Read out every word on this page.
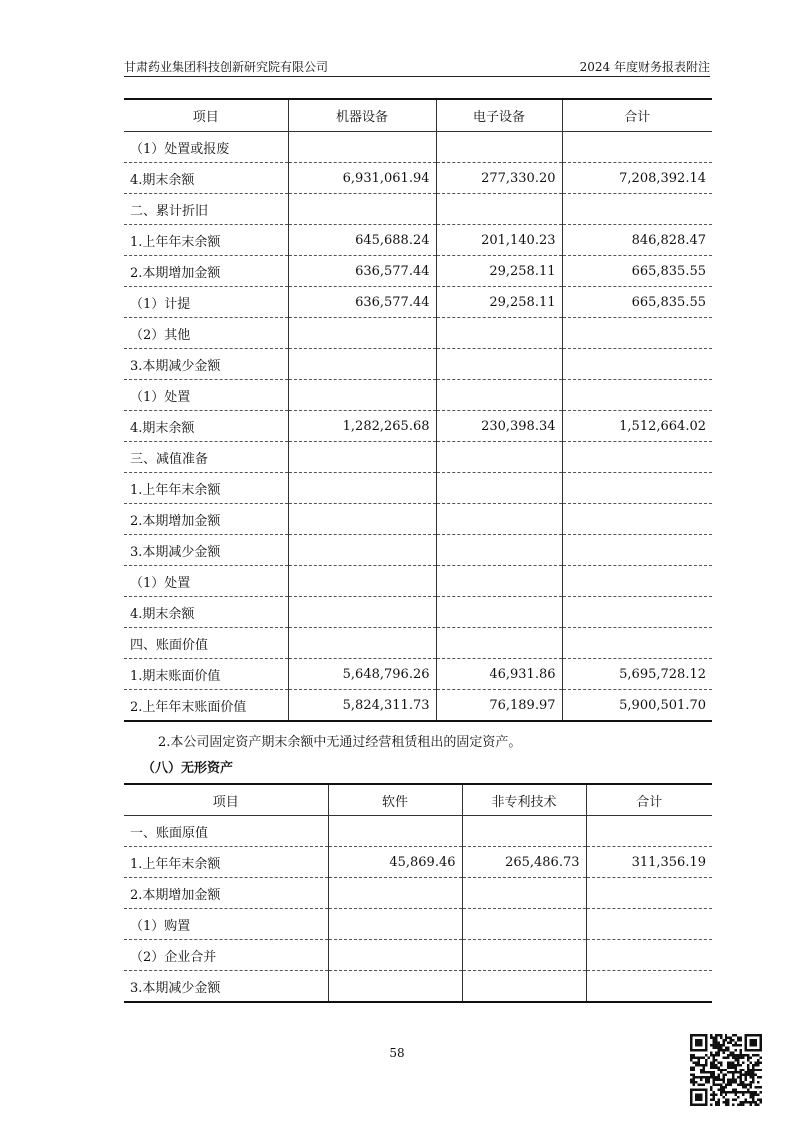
甘肃药业集团科技创新研究院有限公司	2024 年度财务报表附注
项目	机器设备	电子设备	合计
（1）处置或报废			
4.期末余额	6,931,061.94	277,330.20	7,208,392.14
二、累计折旧			
1.上年年末余额	645,688.24	201,140.23	846,828.47
2.本期增加金额	636,577.44	29,258.11	665,835.55
（1）计提	636,577.44	29,258.11	665,835.55
（2）其他			
3.本期减少金额			
（1）处置			
4.期末余额	1,282,265.68	230,398.34	1,512,664.02
三、减值准备			
1.上年年末余额			
2.本期增加金额			
3.本期减少金额			
（1）处置			
4.期末余额			
四、账面价值			
1.期末账面价值	5,648,796.26	46,931.86	5,695,728.12
2.上年年末账面价值	5,824,311.73	76,189.97	5,900,501.70
2.本公司固定资产期末余额中无通过经营租赁租出的固定资产。
（八）无形资产
项目	软件	非专利技术	合计
一、账面原值			
1.上年年末余额	45,869.46	265,486.73	311,356.19
2.本期增加金额			
（1）购置			
（2）企业合并			
3.本期减少金额			
58
